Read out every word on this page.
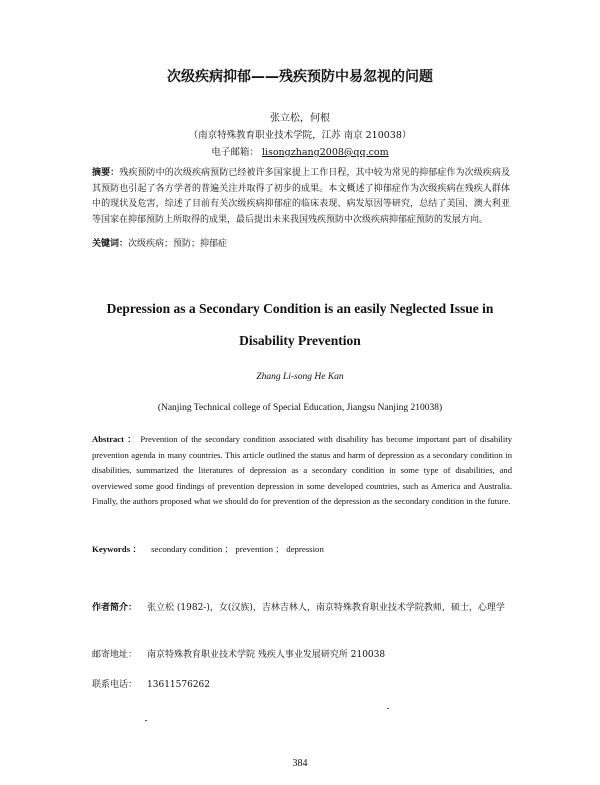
次级疾病抑郁——残疾预防中易忽视的问题
张立松，何根
（南京特殊教育职业技术学院，江苏 南京 210038）
电子邮箱： lisongzhang2008@qq.com
摘要：残疾预防中的次级疾病预防已经被许多国家提上工作日程，其中较为常见的抑郁症作为次级疾病及其预防也引起了各方学者的普遍关注并取得了初步的成果。本文概述了抑郁症作为次级疾病在残疾人群体中的现状及危害，综述了目前有关次级疾病抑郁症的临床表现、病发原因等研究，总结了美国、澳大利亚等国家在抑郁预防上所取得的成果，最后提出未来我国残疾预防中次级疾病抑郁症预防的发展方向。
关键词：次级疾病；预防；抑郁症
Depression as a Secondary Condition is an easily Neglected Issue in
Disability Prevention
Zhang Li-song He Kan
(Nanjing Technical college of Special Education, Jiangsu Nanjing 210038)
Abstract ： Prevention of the secondary condition associated with disability has become important part of disability prevention agenda in many countries. This article outlined the status and harm of depression as a secondary condition in disabilities, summarized the literatures of depression as a secondary condition in some type of disabilities, and overviewed some good findings of prevention depression in some developed countries, such as America and Australia. Finally, the authors proposed what we should do for prevention of the depression as the secondary condition in the future.
Keywords ： secondary condition ； prevention ； depression
作者简介： 张立松 (1982-)，女(汉族)，吉林吉林人，南京特殊教育职业技术学院教师，硕士，心理学
邮寄地址： 南京特殊教育职业技术学院 残疾人事业发展研究所 210038
联系电话： 13611576262
384
